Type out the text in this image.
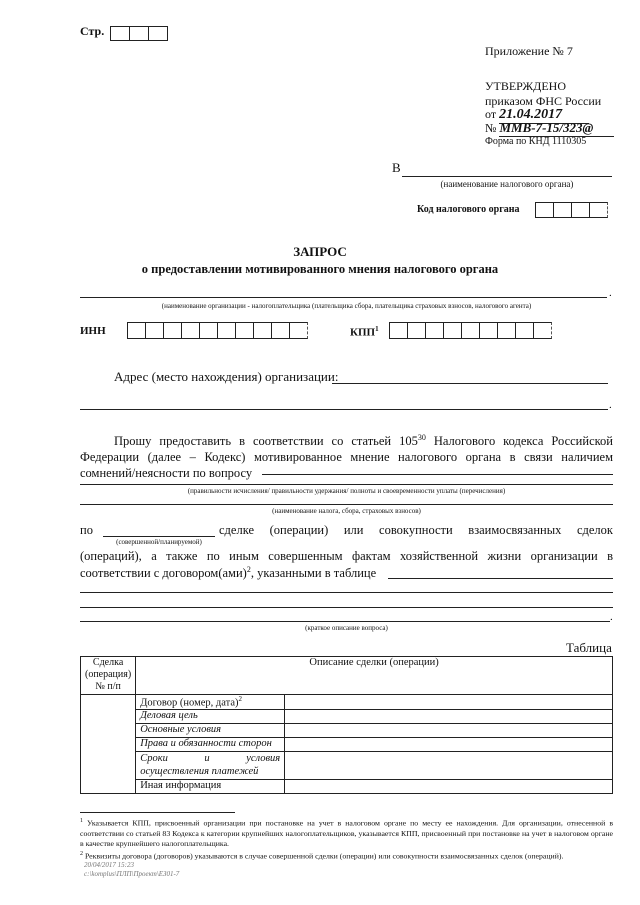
Стр.
Приложение № 7
УТВЕРЖДЕНО
приказом ФНС России
от 21.04.2017
№ ММВ-7-15/323@
Форма по КНД 1110305
В
(наименование налогового органа)
Код налогового органа
ЗАПРОС
о предоставлении мотивированного мнения налогового органа
.
(наименование организации - налогоплательщика (плательщика сбора, плательщика страховых взносов, налогового агента)
ИНН	КПП$^1$
Адрес (место нахождения) организации:
.
Прошу предоставить в соответствии со статьей $105^{30}$ Налогового кодекса Российской
Федерации (далее – Кодекс) мотивированное мнение налогового органа в связи наличием
сомнений/неясности по вопросу
(правильности исчисления/ правильности удержания/ полноты и своевременности уплаты (перечисления)
(наименование налога, сбора, страховых взносов)
по
(совершенной/планируемой)
сделке (операции) или совокупности взаимосвязанных сделок
(операций), а также по иным совершенным фактам хозяйственной жизни организации в
соответствии с договором(ами)$^2$, указанными в таблице
.
(краткое описание вопроса)
Таблица
Сделка (операция) № п/п	Описание сделки (операции)	
	Договор (номер, дата)$^2$	
	Деловая цель	
	Основные условия	
	Права и обязанности сторон	
	Сроки и условия осуществления платежей	
	Иная информация	
$^1$ Указывается КПП, присвоенный организации при постановке на учет в налоговом органе по месту ее нахождения. Для организации, отнесенной в соответствии со статьей 83 Кодекса к категории крупнейших налогоплательщиков, указывается КПП, присвоенный при постановке на учет в налоговом органе в качестве крупнейшего налогоплательщика.
$^2$ Реквизиты договора (договоров) указываются в случае совершенной сделки (операции) или совокупности взаимосвязанных сделок (операций).
20/04/2017 15:23
c:\komplus\ПЛП\Проект\ЕЗ01-7
